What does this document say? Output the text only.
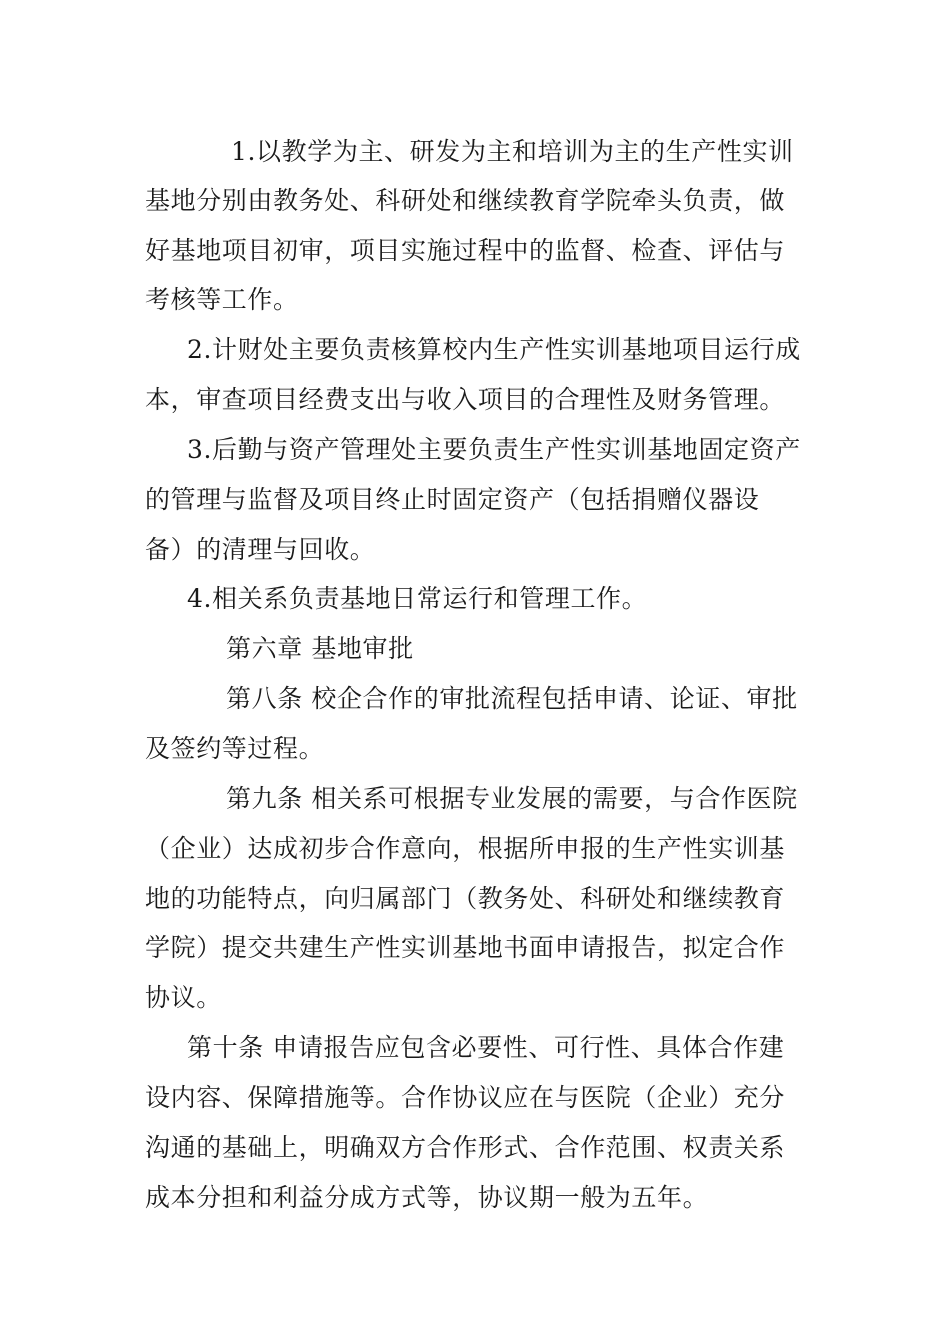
1.以教学为主、研发为主和培训为主的生产性实训
基地分别由教务处、科研处和继续教育学院牵头负责，做
好基地项目初审，项目实施过程中的监督、检查、评估与
考核等工作。
2.计财处主要负责核算校内生产性实训基地项目运行成
本，审查项目经费支出与收入项目的合理性及财务管理。
3.后勤与资产管理处主要负责生产性实训基地固定资产
的管理与监督及项目终止时固定资产（包括捐赠仪器设
备）的清理与回收。
4.相关系负责基地日常运行和管理工作。
第六章 基地审批
第八条 校企合作的审批流程包括申请、论证、审批
及签约等过程。
第九条 相关系可根据专业发展的需要，与合作医院
（企业）达成初步合作意向，根据所申报的生产性实训基
地的功能特点，向归属部门（教务处、科研处和继续教育
学院）提交共建生产性实训基地书面申请报告，拟定合作
协议。
第十条 申请报告应包含必要性、可行性、具体合作建
设内容、保障措施等。合作协议应在与医院（企业）充分
沟通的基础上，明确双方合作形式、合作范围、权责关系
成本分担和利益分成方式等，协议期一般为五年。
